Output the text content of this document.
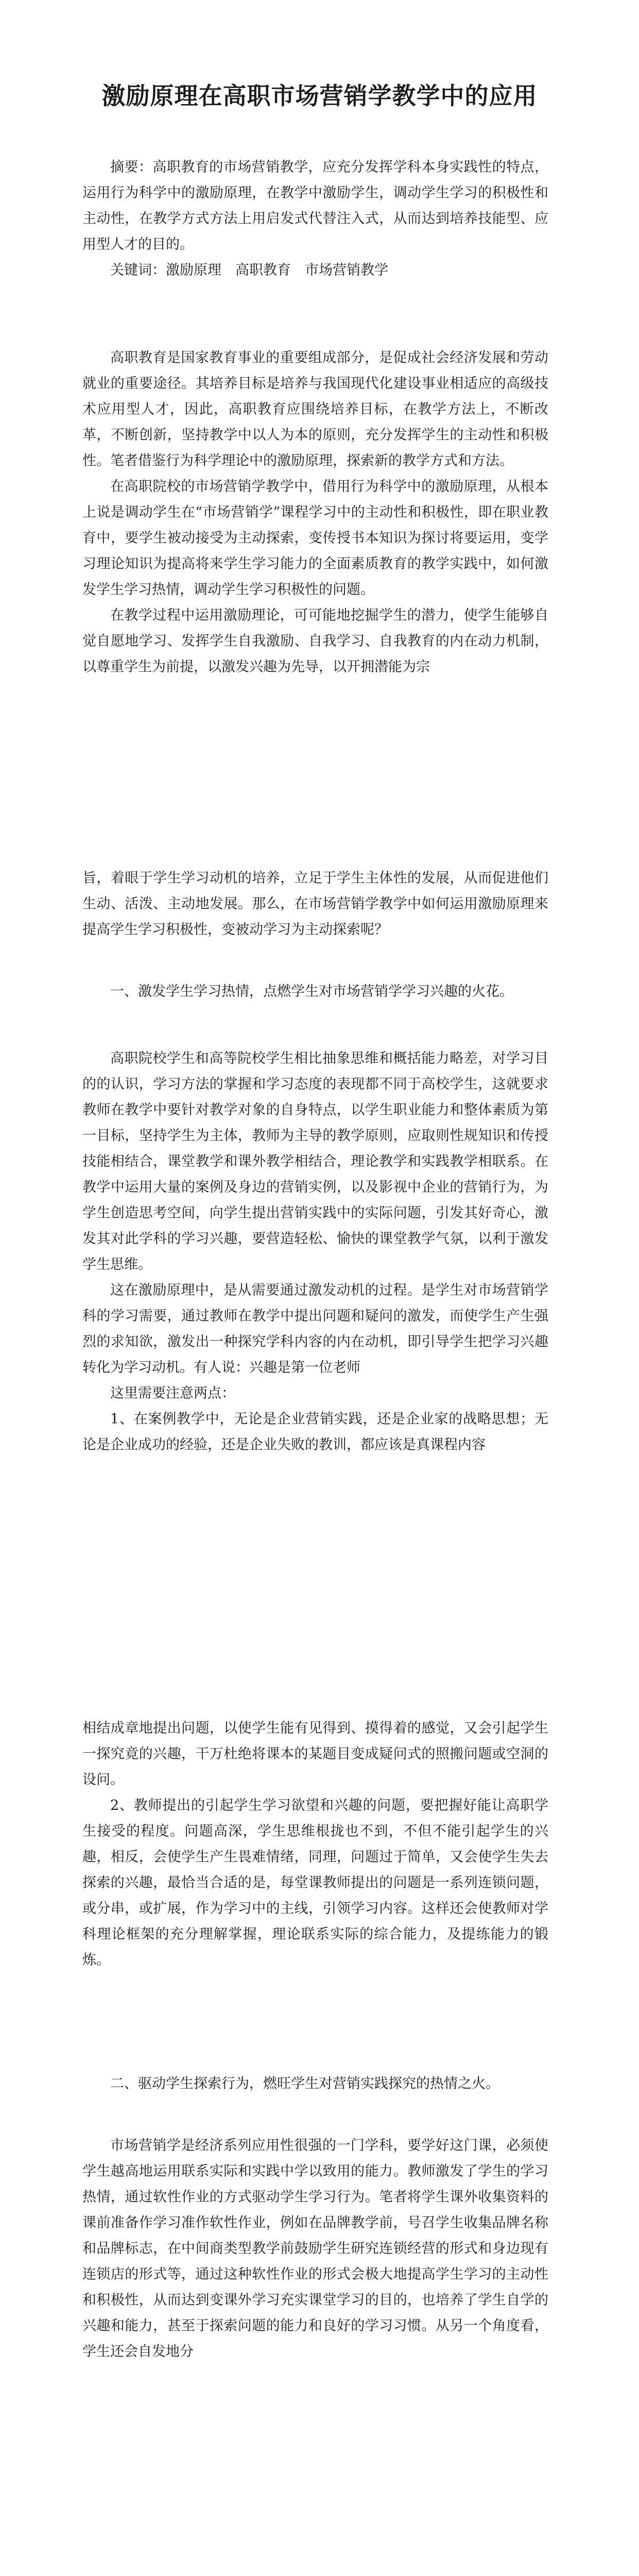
激励原理在高职市场营销学教学中的应用

摘要：高职教育的市场营销教学，应充分发挥学科本身实践性的特点，运用行为科学中的激励原理，在教学中激励学生，调动学生学习的积极性和主动性，在教学方式方法上用启发式代替注入式，从而达到培养技能型、应用型人才的目的。

关键词：激励原理　高职教育　市场营销教学

高职教育是国家教育事业的重要组成部分，是促成社会经济发展和劳动就业的重要途径。其培养目标是培养与我国现代化建设事业相适应的高级技术应用型人才，因此，高职教育应围绕培养目标，在教学方法上，不断改革，不断创新，坚持教学中以人为本的原则，充分发挥学生的主动性和积极性。笔者借鉴行为科学理论中的激励原理，探索新的教学方式和方法。

在高职院校的市场营销学教学中，借用行为科学中的激励原理，从根本上说是调动学生在“市场营销学”课程学习中的主动性和积极性，即在职业教育中，要学生被动接受为主动探索，变传授书本知识为探讨将要运用，变学习理论知识为提高将来学生学习能力的全面素质教育的教学实践中，如何激发学生学习热情，调动学生学习积极性的问题。

在教学过程中运用激励理论，可可能地挖掘学生的潜力，使学生能够自觉自愿地学习、发挥学生自我激励、自我学习、自我教育的内在动力机制，以尊重学生为前提，以激发兴趣为先导，以开拥潜能为宗

旨，着眼于学生学习动机的培养，立足于学生主体性的发展，从而促进他们生动、活泼、主动地发展。那么，在市场营销学教学中如何运用激励原理来提高学生学习积极性，变被动学习为主动探索呢？

一、激发学生学习热情，点燃学生对市场营销学学习兴趣的火花。

高职院校学生和高等院校学生相比抽象思维和概括能力略差，对学习目的的认识，学习方法的掌握和学习态度的表现都不同于高校学生，这就要求教师在教学中要针对教学对象的自身特点，以学生职业能力和整体素质为第一目标，坚持学生为主体，教师为主导的教学原则，应取则性规知识和传授技能相结合，课堂教学和课外教学相结合，理论教学和实践教学相联系。在教学中运用大量的案例及身边的营销实例，以及影视中企业的营销行为，为学生创造思考空间，向学生提出营销实践中的实际问题，引发其好奇心，激发其对此学科的学习兴趣，要营造轻松、愉快的课堂教学气氛，以利于激发学生思维。

这在激励原理中，是从需要通过激发动机的过程。是学生对市场营销学科的学习需要，通过教师在教学中提出问题和疑问的激发，而使学生产生强烈的求知欲，激发出一种探究学科内容的内在动机，即引导学生把学习兴趣转化为学习动机。有人说：兴趣是第一位老师

这里需要注意两点：

1、在案例教学中，无论是企业营销实践，还是企业家的战略思想；无论是企业成功的经验，还是企业失败的教训，都应该是真课程内容

相结成章地提出问题，以使学生能有见得到、摸得着的感觉，又会引起学生一探究竟的兴趣，干万杜绝将课本的某题目变成疑问式的照搬问题或空洞的设问。

2、教师提出的引起学生学习欲望和兴趣的问题，要把握好能让高职学生接受的程度。问题高深，学生思维根拢也不到，不但不能引起学生的兴趣，相反，会使学生产生畏难情绪，同理，问题过于简单，又会使学生失去探索的兴趣，最恰当合适的是，每堂课教师提出的问题是一系列连锁问题，或分串，或扩展，作为学习中的主线，引领学习内容。这样还会使教师对学科理论框架的充分理解掌握，理论联系实际的综合能力，及提练能力的锻炼。

二、驱动学生探索行为，燃旺学生对营销实践探究的热情之火。

市场营销学是经济系列应用性很强的一门学科，要学好这门课，必须使学生越高地运用联系实际和实践中学以致用的能力。教师激发了学生的学习热情，通过软性作业的方式驱动学生学习行为。笔者将学生课外收集资料的课前准备作学习准作软性作业，例如在品牌教学前，号召学生收集品牌名称和品牌标志，在中间商类型教学前鼓励学生研究连锁经营的形式和身边现有连锁店的形式等，通过这种软性作业的形式会极大地提高学生学习的主动性和积极性，从而达到变课外学习充实课堂学习的目的，也培养了学生自学的兴趣和能力，甚至于探索问题的能力和良好的学习习惯。从另一个角度看，学生还会自发地分
